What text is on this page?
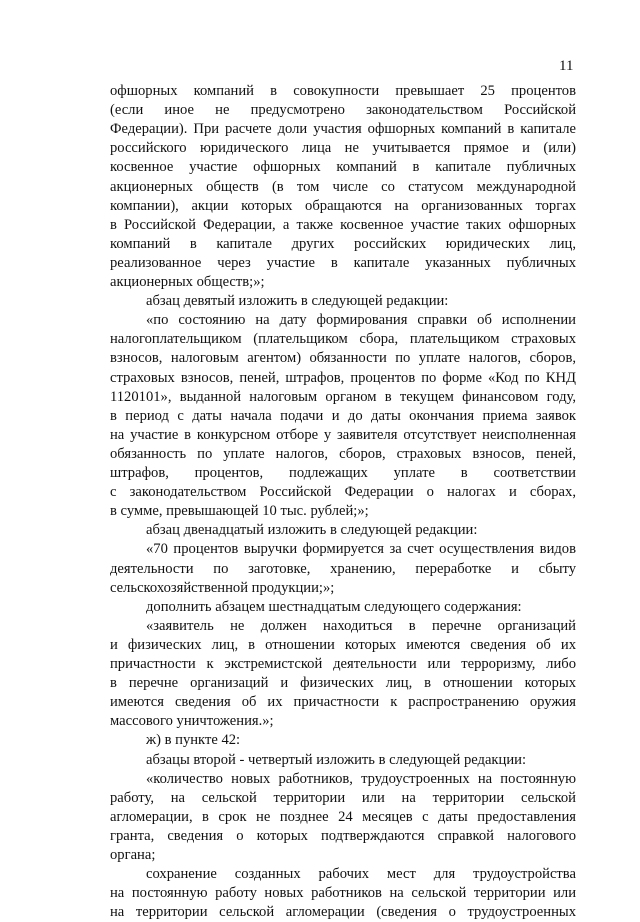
11
офшорных компаний в совокупности превышает 25 процентов
(если иное не предусмотрено законодательством Российской
Федерации). При расчете доли участия офшорных компаний в капитале
российского юридического лица не учитывается прямое и (или)
косвенное участие офшорных компаний в капитале публичных
акционерных обществ (в том числе со статусом международной
компании), акции которых обращаются на организованных торгах
в Российской Федерации, а также косвенное участие таких офшорных
компаний в капитале других российских юридических лиц,
реализованное через участие в капитале указанных публичных
акционерных обществ;»;
абзац девятый изложить в следующей редакции:
«по состоянию на дату формирования справки об исполнении
налогоплательщиком (плательщиком сбора, плательщиком страховых
взносов, налоговым агентом) обязанности по уплате налогов, сборов,
страховых взносов, пеней, штрафов, процентов по форме «Код по КНД
1120101», выданной налоговым органом в текущем финансовом году,
в период с даты начала подачи и до даты окончания приема заявок
на участие в конкурсном отборе у заявителя отсутствует неисполненная
обязанность по уплате налогов, сборов, страховых взносов, пеней,
штрафов, процентов, подлежащих уплате в соответствии
с законодательством Российской Федерации о налогах и сборах,
в сумме, превышающей 10 тыс. рублей;»;
абзац двенадцатый изложить в следующей редакции:
«70 процентов выручки формируется за счет осуществления видов
деятельности по заготовке, хранению, переработке и сбыту
сельскохозяйственной продукции;»;
дополнить абзацем шестнадцатым следующего содержания:
«заявитель не должен находиться в перечне организаций
и физических лиц, в отношении которых имеются сведения об их
причастности к экстремистской деятельности или терроризму, либо
в перечне организаций и физических лиц, в отношении которых
имеются сведения об их причастности к распространению оружия
массового уничтожения.»;
ж) в пункте 42:
абзацы второй - четвертый изложить в следующей редакции:
«количество новых работников, трудоустроенных на постоянную
работу, на сельской территории или на территории сельской
агломерации, в срок не позднее 24 месяцев с даты предоставления
гранта, сведения о которых подтверждаются справкой налогового
органа;
сохранение созданных рабочих мест для трудоустройства
на постоянную работу новых работников на сельской территории или
на территории сельской агломерации (сведения о трудоустроенных
